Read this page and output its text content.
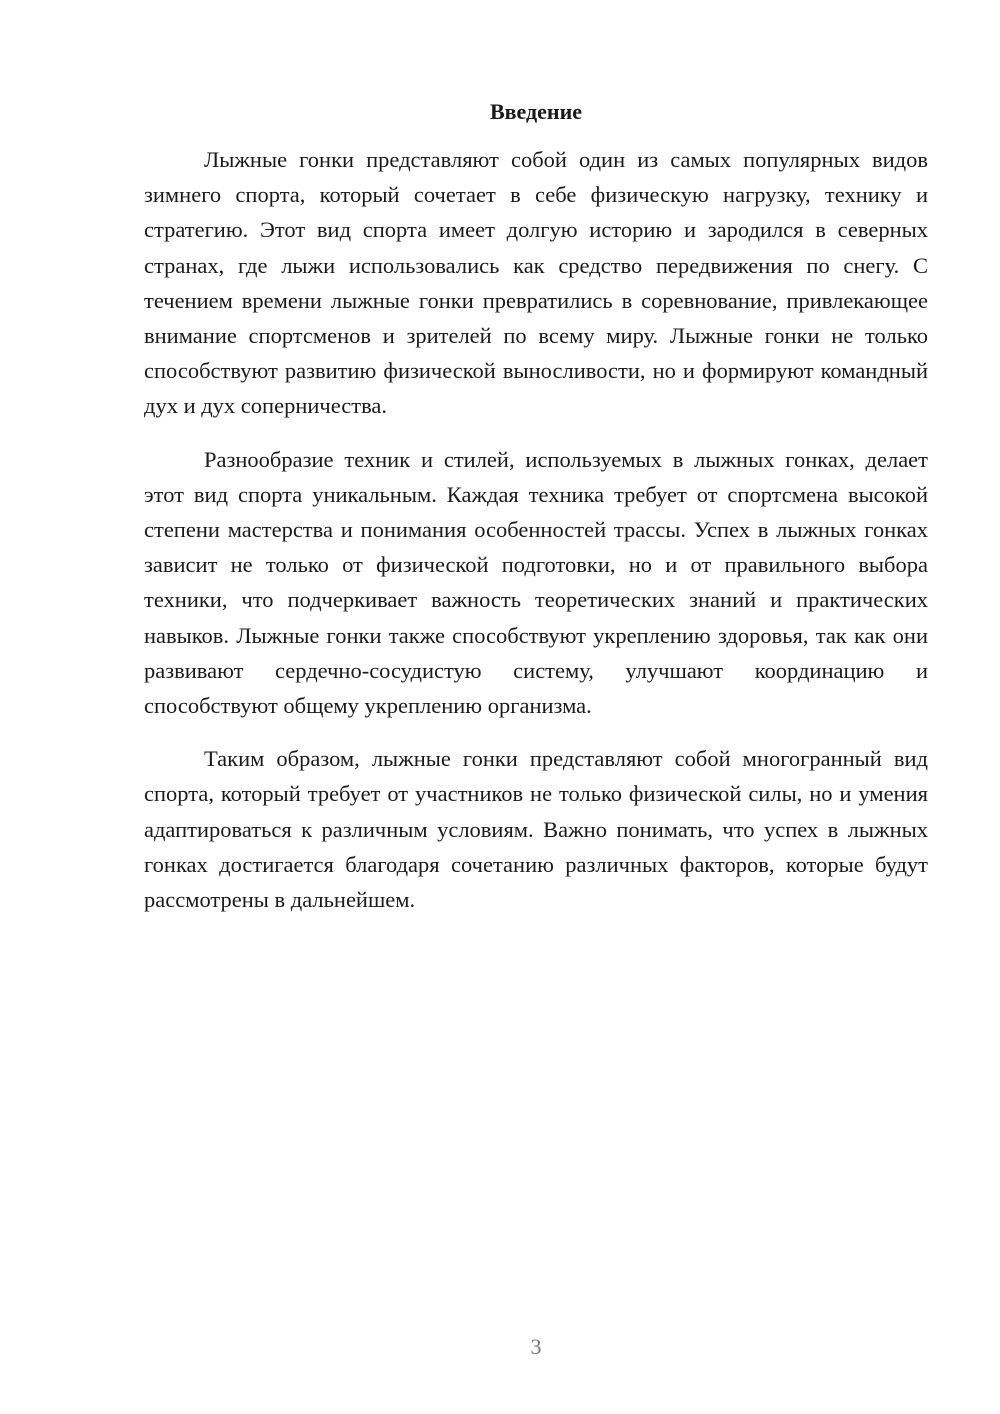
Введение

Лыжные гонки представляют собой один из самых популярных видов зимнего спорта, который сочетает в себе физическую нагрузку, технику и стратегию. Этот вид спорта имеет долгую историю и зародился в северных странах, где лыжи использовались как средство передвижения по снегу. С течением времени лыжные гонки превратились в соревнование, привлекающее внимание спортсменов и зрителей по всему миру. Лыжные гонки не только способствуют развитию физической выносливости, но и формируют командный дух и дух соперничества.

Разнообразие техник и стилей, используемых в лыжных гонках, делает этот вид спорта уникальным. Каждая техника требует от спортсмена высокой степени мастерства и понимания особенностей трассы. Успех в лыжных гонках зависит не только от физической подготовки, но и от правильного выбора техники, что подчеркивает важность теоретических знаний и практических навыков. Лыжные гонки также способствуют укреплению здоровья, так как они развивают сердечно-сосудистую систему, улучшают координацию и способствуют общему укреплению организма.

Таким образом, лыжные гонки представляют собой многогранный вид спорта, который требует от участников не только физической силы, но и умения адаптироваться к различным условиям. Важно понимать, что успех в лыжных гонках достигается благодаря сочетанию различных факторов, которые будут рассмотрены в дальнейшем.

3
